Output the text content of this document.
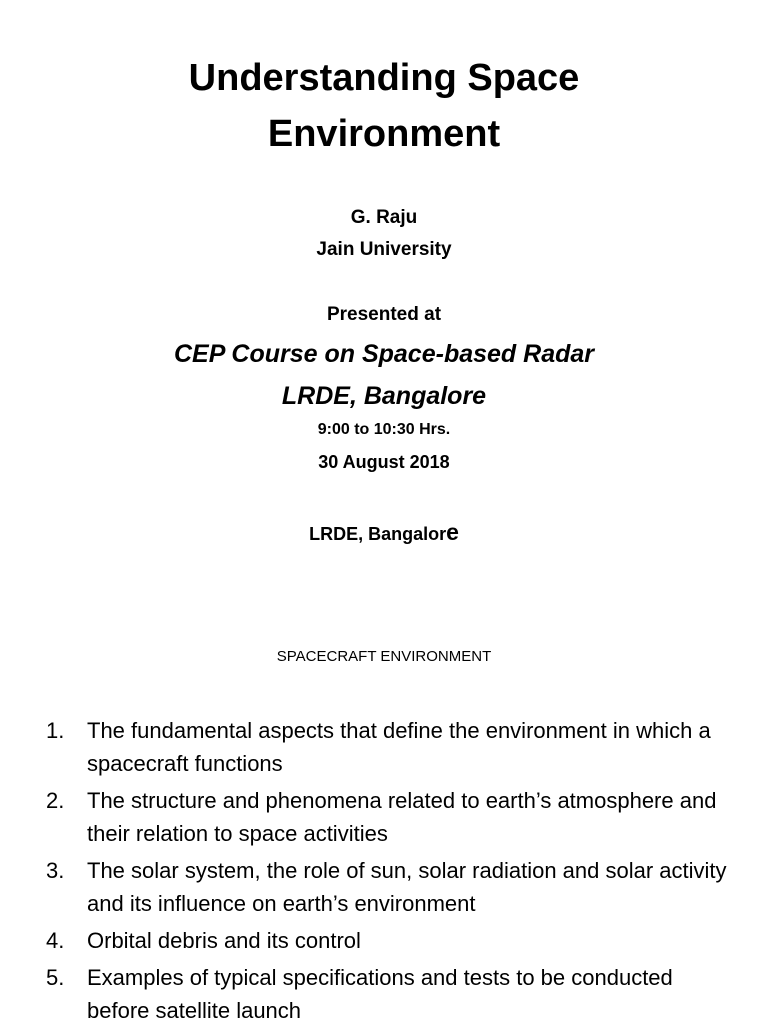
Understanding Space
Environment
G. Raju
Jain University
Presented at
CEP Course on Space-based Radar
LRDE, Bangalore
9:00 to 10:30 Hrs.
30 August 2018
LRDE, Bangalore
SPACECRAFT ENVIRONMENT
1.	The fundamental aspects that define the environment in which a spacecraft functions
2.	The structure and phenomena related to earth’s atmosphere and their relation to space activities
3.	The solar system, the role of sun, solar radiation and solar activity and its influence on earth’s environment
4.	Orbital debris and its control
5.	Examples of typical specifications and tests to be conducted before satellite launch
